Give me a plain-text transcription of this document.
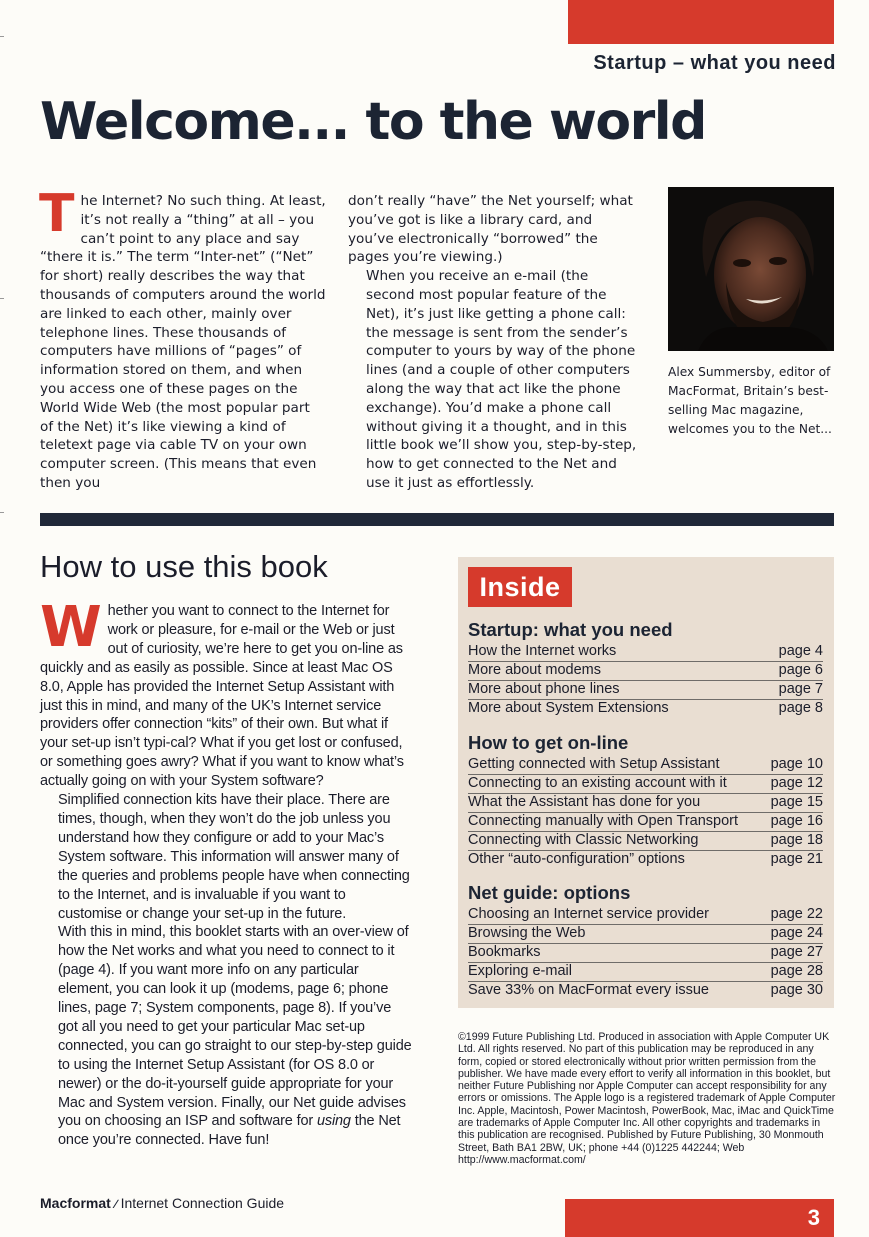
Startup – what you need
Welcome... to the world
The Internet? No such thing. At least, it’s not really a “thing” at all – you can’t point to any place and say “there it is.” The term “Inter-net” (“Net” for short) really describes the way that thousands of computers around the world are linked to each other, mainly over telephone lines. These thousands of computers have millions of “pages” of information stored on them, and when you access one of these pages on the World Wide Web (the most popular part of the Net) it’s like viewing a kind of teletext page via cable TV on your own computer screen. (This means that even then you
don’t really “have” the Net yourself; what you’ve got is like a library card, and you’ve electronically “borrowed” the pages you’re viewing.)
When you receive an e-mail (the second most popular feature of the Net), it’s just like getting a phone call: the message is sent from the sender’s computer to yours by way of the phone lines (and a couple of other computers along the way that act like the phone exchange). You’d make a phone call without giving it a thought, and in this little book we’ll show you, step-by-step, how to get connected to the Net and use it just as effortlessly.

Alex Summersby, editor of MacFormat, Britain’s best-selling Mac magazine, welcomes you to the Net...

How to use this book
Whether you want to connect to the Internet for work or pleasure, for e-mail or the Web or just out of curiosity, we’re here to get you on-line as quickly and as easily as possible. Since at least Mac OS 8.0, Apple has provided the Internet Setup Assistant with just this in mind, and many of the UK’s Internet service providers offer connection “kits” of their own. But what if your set-up isn’t typi-cal? What if you get lost or confused, or something goes awry? What if you want to know what’s actually going on with your System software?
Simplified connection kits have their place. There are times, though, when they won’t do the job unless you understand how they configure or add to your Mac’s System software. This information will answer many of the queries and problems people have when connecting to the Internet, and is invaluable if you want to customise or change your set-up in the future.
With this in mind, this booklet starts with an over-view of how the Net works and what you need to connect to it (page 4). If you want more info on any particular element, you can look it up (modems, page 6; phone lines, page 7; System components, page 8). If you’ve got all you need to get your particular Mac set-up connected, you can go straight to our step-by-step guide to using the Internet Setup Assistant (for OS 8.0 or newer) or the do-it-yourself guide appropriate for your Mac and System version. Finally, our Net guide advises you on choosing an ISP and software for using the Net once you’re connected. Have fun!
Inside
Startup: what you need
How the Internet works	page 4
More about modems	page 6
More about phone lines	page 7
More about System Extensions	page 8
How to get on-line
Getting connected with Setup Assistant	page 10
Connecting to an existing account with it	page 12
What the Assistant has done for you	page 15
Connecting manually with Open Transport page 16
Connecting with Classic Networking	page 18
Other “auto-configuration” options	page 21
Net guide: options
Choosing an Internet service provider	page 22
Browsing the Web	page 24
Bookmarks	page 27
Exploring e-mail	page 28
Save 33% on MacFormat every issue	page 30

©1999 Future Publishing Ltd. Produced in association with Apple Computer UK Ltd. All rights reserved. No part of this publication may be reproduced in any form, copied or stored electronically without prior written permission from the publisher. We have made every effort to verify all information in this booklet, but neither Future Publishing nor Apple Computer can accept responsibility for any errors or omissions. The Apple logo is a registered trademark of Apple Computer Inc. Apple, Macintosh, Power Macintosh, PowerBook, Mac, iMac and QuickTime are trademarks of Apple Computer Inc. All other copyrights and trademarks in this publication are recognised. Published by Future Publishing, 30 Monmouth Street, Bath BA1 2BW, UK; phone +44 (0)1225 442244; Web http://www.macformat.com/

Macformat ∕ Internet Connection Guide
3
